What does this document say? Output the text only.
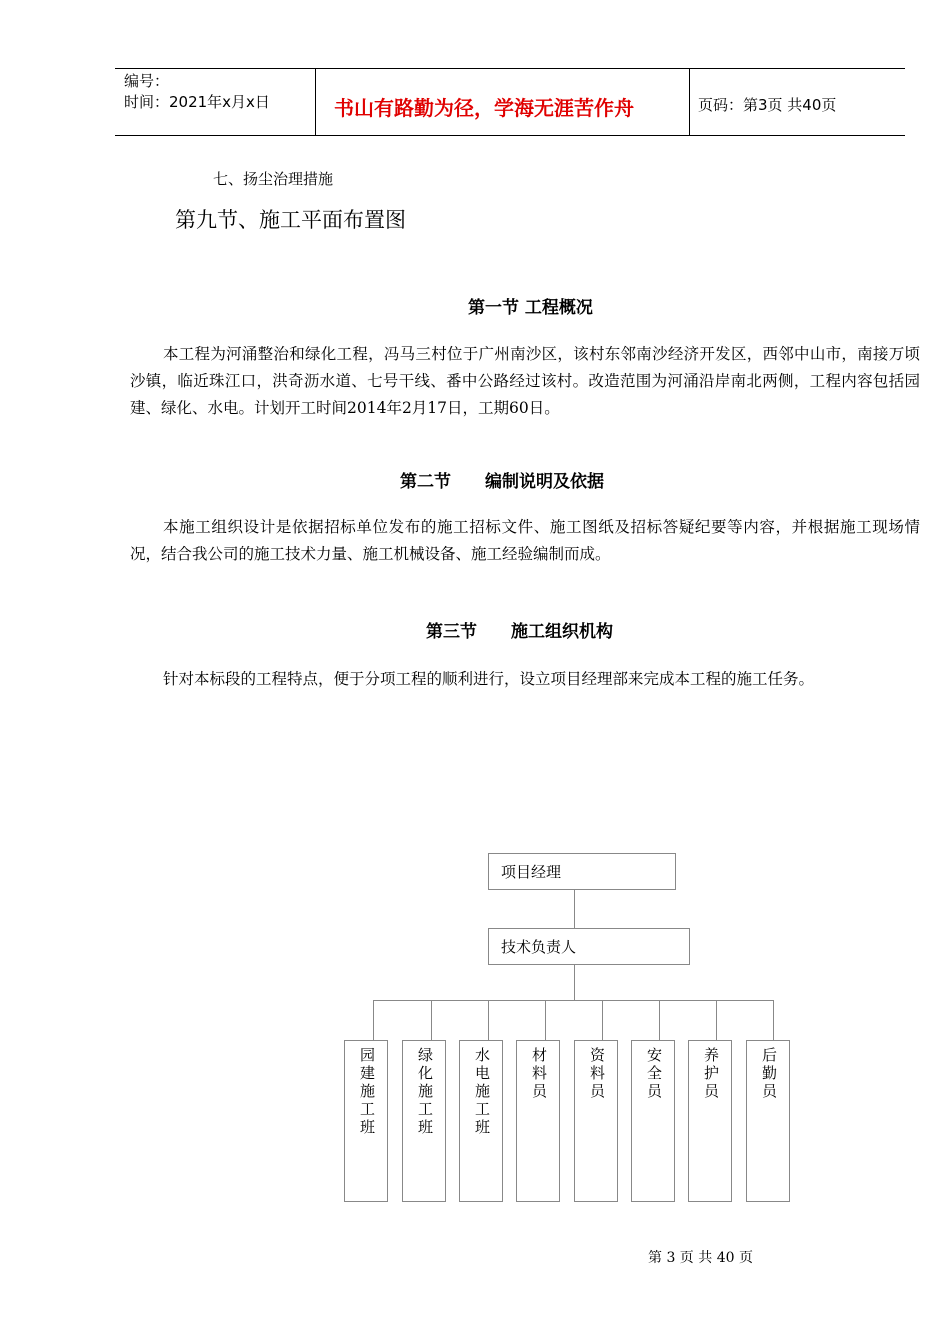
编号：
时间：2021年x月x日	书山有路勤为径，学海无涯苦作舟	页码：第3页 共40页
七、扬尘治理措施
第九节、施工平面布置图
第一节 工程概况
本工程为河涌整治和绿化工程，冯马三村位于广州南沙区，该村东邻南沙经济开发区，西邻中山市，南接万顷沙镇，临近珠江口，洪奇沥水道、七号干线、番中公路经过该村。改造范围为河涌沿岸南北两侧，工程内容包括园建、绿化、水电。计划开工时间2014年2月17日，工期60日。
第二节　　编制说明及依据
本施工组织设计是依据招标单位发布的施工招标文件、施工图纸及招标答疑纪要等内容，并根据施工现场情况，结合我公司的施工技术力量、施工机械设备、施工经验编制而成。
第三节　　施工组织机构
针对本标段的工程特点，便于分项工程的顺利进行，设立项目经理部来完成本工程的施工任务。
项目经理
技术负责人
园建施工班	绿化施工班	水电施工班	材料员	资料员	安全员	养护员	后勤员
第 3 页 共 40 页
